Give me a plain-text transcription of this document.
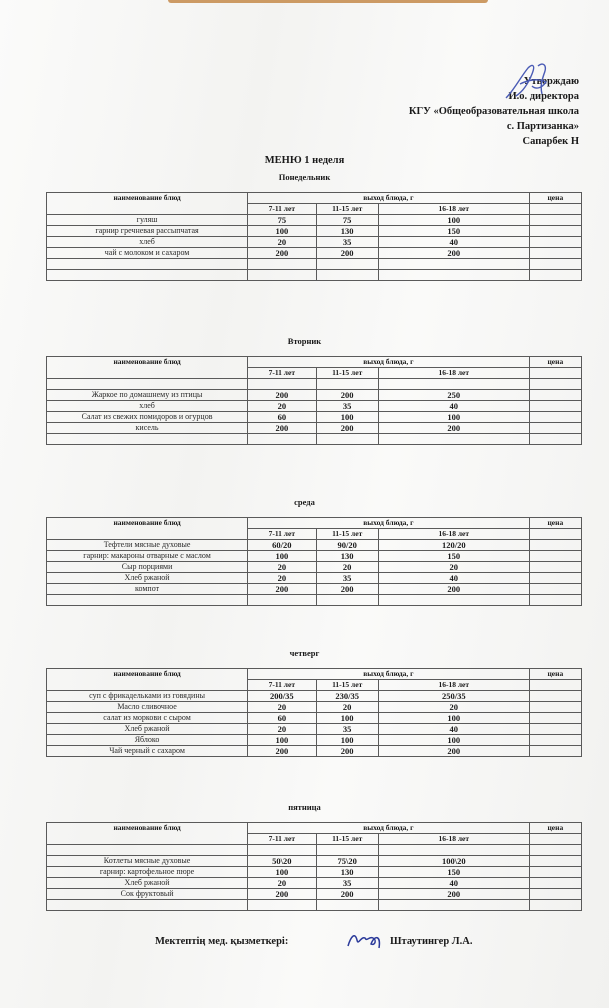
Утверждаю
И.о. директора
КГУ «Общеобразовательная школа
с. Партизанка»
Сапарбек Н
МЕНЮ 1 неделя
Понедельник
наименование блюд	выход блюда, г			цена
	7-11 лет	11-15 лет	16-18 лет	
гуляш	75	75	100	
гарнир гречневая рассыпчатая	100	130	150	
хлеб	20	35	40	
чай с молоком и сахаром	200	200	200	

Вторник
наименование блюд	выход блюда, г			цена
	7-11 лет	11-15 лет	16-18 лет	

Жаркое по домашнему из птицы	200	200	250	
хлеб	20	35	40	
Салат из свежих помидоров и огурцов	60	100	100	
кисель	200	200	200	

среда
наименование блюд	выход блюда, г			цена
	7-11 лет	11-15 лет	16-18 лет	
Тефтели мясные духовые	60/20	90/20	120/20	
гарнир: макароны отварные с маслом	100	130	150	
Сыр порциями	20	20	20	
Хлеб ржаной	20	35	40	
компот	200	200	200	

четверг
наименование блюд	выход блюда, г			цена
	7-11 лет	11-15 лет	16-18 лет	
суп с фрикадельками из говядины	200/35	230/35	250/35	
Масло сливочное	20	20	20	
салат из моркови с сыром	60	100	100	
Хлеб ржаной	20	35	40	
Яблоко	100	100	100	
Чай черный с сахаром	200	200	200	
пятница
наименование блюд	выход блюда, г			цена
	7-11 лет	11-15 лет	16-18 лет	

Котлеты мясные духовые	50\20	75\20	100\20	
гарнир: картофельное пюре	100	130	150	
Хлеб ржаной	20	35	40	
Сок фруктовый	200	200	200	

Мектептің мед. қызметкері:	Штаутингер Л.А.
